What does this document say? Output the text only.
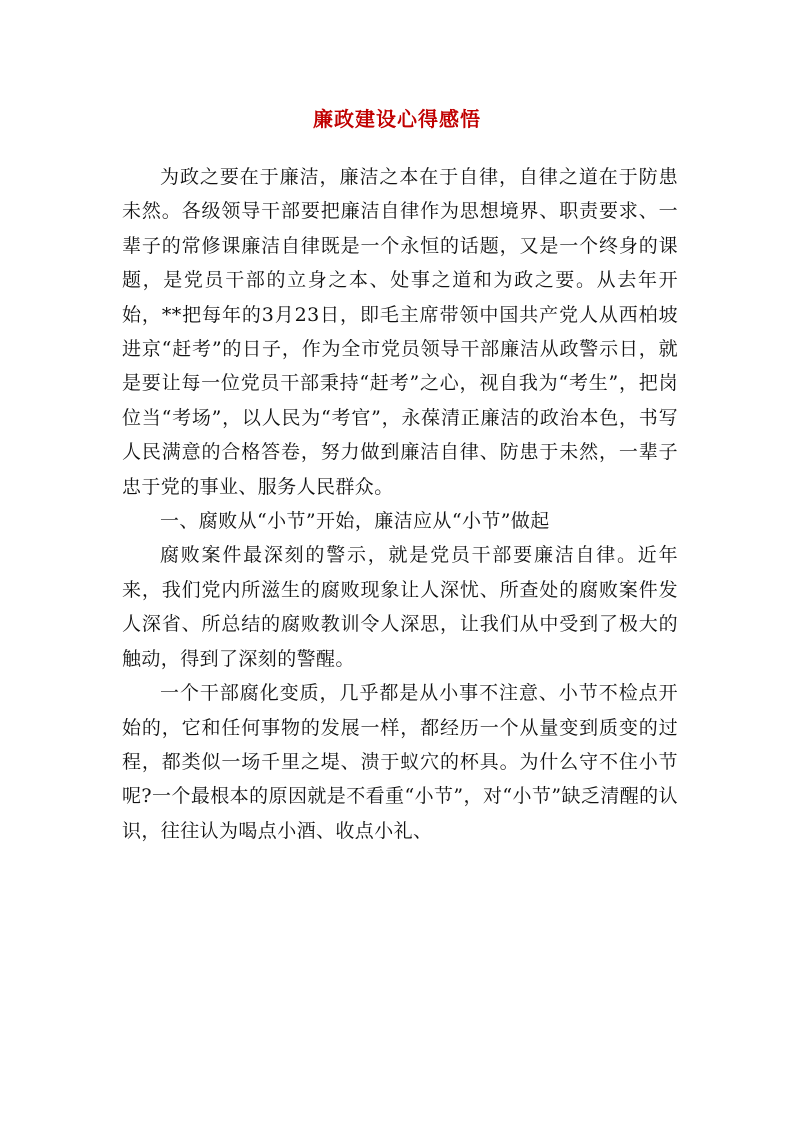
廉政建设心得感悟

为政之要在于廉洁，廉洁之本在于自律，自律之道在于防患未然。各级领导干部要把廉洁自律作为思想境界、职责要求、一辈子的常修课廉洁自律既是一个永恒的话题，又是一个终身的课题，是党员干部的立身之本、处事之道和为政之要。从去年开始，**把每年的3月23日，即毛主席带领中国共产党人从西柏坡进京“赶考”的日子，作为全市党员领导干部廉洁从政警示日，就是要让每一位党员干部秉持“赶考”之心，视自我为“考生”，把岗位当“考场”，以人民为“考官”，永葆清正廉洁的政治本色，书写人民满意的合格答卷，努力做到廉洁自律、防患于未然，一辈子忠于党的事业、服务人民群众。

一、腐败从“小节”开始，廉洁应从“小节”做起

腐败案件最深刻的警示，就是党员干部要廉洁自律。近年来，我们党内所滋生的腐败现象让人深忧、所查处的腐败案件发人深省、所总结的腐败教训令人深思，让我们从中受到了极大的触动，得到了深刻的警醒。

一个干部腐化变质，几乎都是从小事不注意、小节不检点开始的，它和任何事物的发展一样，都经历一个从量变到质变的过程，都类似一场千里之堤、溃于蚁穴的杯具。为什么守不住小节呢?一个最根本的原因就是不看重“小节”，对“小节”缺乏清醒的认识，往往认为喝点小酒、收点小礼、
